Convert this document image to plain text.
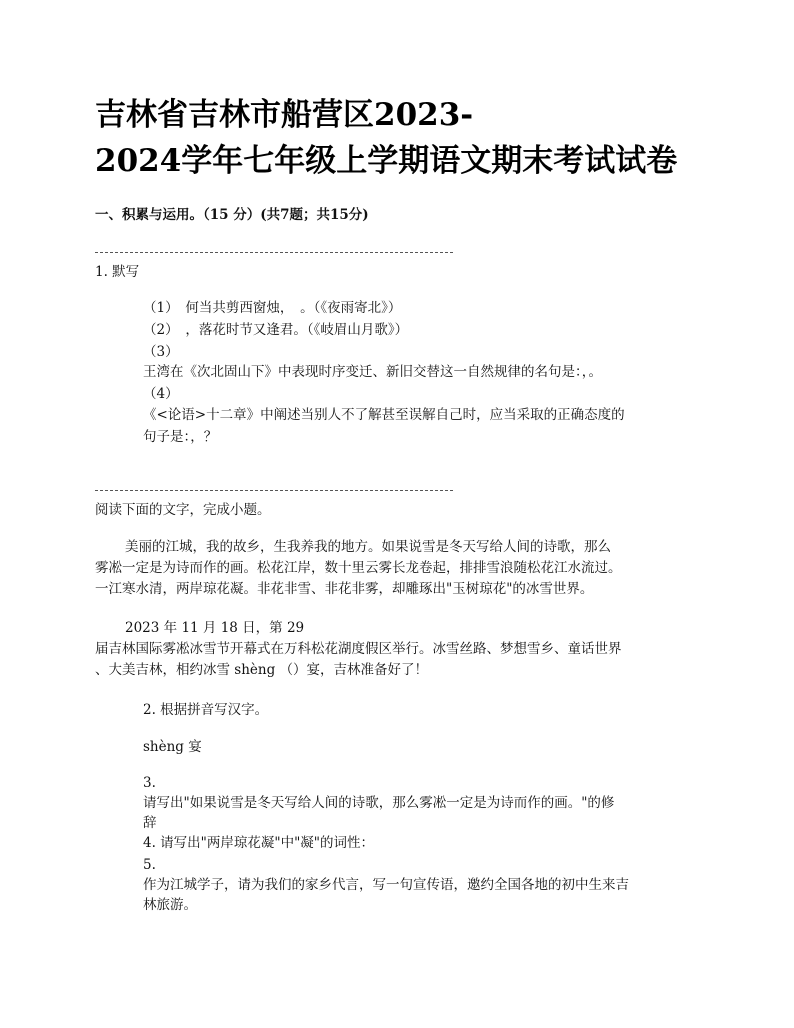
吉林省吉林市船营区2023-
2024学年七年级上学期语文期末考试试卷
一、积累与运用。（15 分）(共7题；共15分)
1. 默写
（1）　何当共剪西窗烛，　。（《夜雨寄北》）
（2）　，落花时节又逢君。（《岐眉山月歌》）
（3）
王湾在《次北固山下》中表现时序变迁、新旧交替这一自然规律的名句是：，。
（4）
《<论语>十二章》中阐述当别人不了解甚至误解自己时，应当采取的正确态度的
句子是：，？
阅读下面的文字，完成小题。
美丽的江城，我的故乡，生我养我的地方。如果说雪是冬天写给人间的诗歌，那么
雾凇一定是为诗而作的画。松花江岸，数十里云雾长龙卷起，排排雪浪随松花江水流过。
一江寒水清，两岸琼花凝。非花非雪、非花非雾，却雕琢出"玉树琼花"的冰雪世界。
2023 年 11 月 18 日，第 29
届吉林国际雾凇冰雪节开幕式在万科松花湖度假区举行。冰雪丝路、梦想雪乡、童话世界
、大美吉林，相约冰雪 shèng （）宴，吉林准备好了！
2. 根据拼音写汉字。
shèng 宴
3.
请写出"如果说雪是冬天写给人间的诗歌，那么雾凇一定是为诗而作的画。"的修
辞
4. 请写出"两岸琼花凝"中"凝"的词性：
5.
作为江城学子，请为我们的家乡代言，写一句宣传语，邀约全国各地的初中生来吉
林旅游。
